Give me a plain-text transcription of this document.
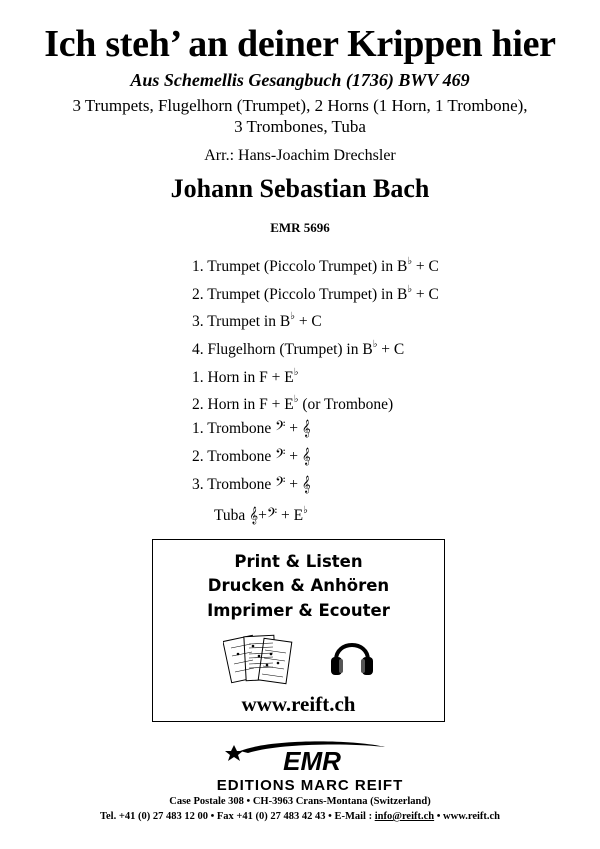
Ich steh’ an deiner Krippen hier
Aus Schemellis Gesangbuch (1736) BWV 469
3 Trumpets, Flugelhorn (Trumpet), 2 Horns (1 Horn, 1 Trombone),
3 Trombones, Tuba
Arr.: Hans-Joachim Drechsler
Johann Sebastian Bach
EMR 5696
1. Trumpet (Piccolo Trumpet) in B♭ + C
2. Trumpet (Piccolo Trumpet) in B♭ + C
3. Trumpet in B♭ + C
4. Flugelhorn (Trumpet) in B♭ + C
1. Horn in F + E♭
2. Horn in F + E♭ (or Trombone)
1. Trombone 𝄢 + 𝄞
2. Trombone 𝄢 + 𝄞
3. Trombone 𝄢 + 𝄞
Tuba 𝄞+𝄢 + E♭
Print & Listen
Drucken & Anhören
Imprimer & Ecouter
www.reift.ch
EMR
EDITIONS MARC REIFT
Case Postale 308 • CH-3963 Crans-Montana (Switzerland)
Tel. +41 (0) 27 483 12 00 • Fax +41 (0) 27 483 42 43 • E-Mail : info@reift.ch • www.reift.ch
